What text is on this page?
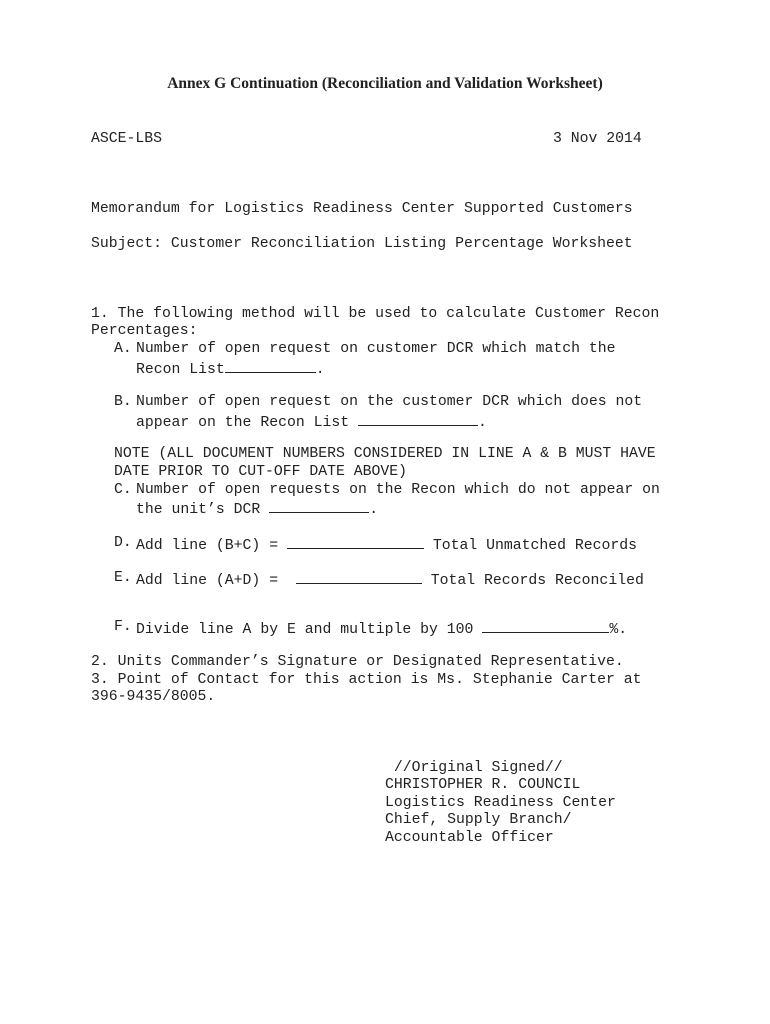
Annex G Continuation (Reconciliation and Validation Worksheet)
ASCE-LBS	3 Nov 2014
Memorandum for Logistics Readiness Center Supported Customers
Subject: Customer Reconciliation Listing Percentage Worksheet
1. The following method will be used to calculate Customer Recon
Percentages:
A. Number of open request on customer DCR which match the
Recon List	.
B. Number of open request on the customer DCR which does not
appear on the Recon List	.
NOTE (ALL DOCUMENT NUMBERS CONSIDERED IN LINE A & B MUST HAVE
DATE PRIOR TO CUT-OFF DATE ABOVE)
C. Number of open requests on the Recon which do not appear on
the unit’s DCR	.
D. Add line (B+C) =	Total Unmatched Records
E. Add line (A+D) =	Total Records Reconciled
F. Divide line A by E and multiple by 100	%.
2. Units Commander’s Signature or Designated Representative.
3. Point of Contact for this action is Ms. Stephanie Carter at
396-9435/8005.
//Original Signed//
CHRISTOPHER R. COUNCIL
Logistics Readiness Center
Chief, Supply Branch/
Accountable Officer
